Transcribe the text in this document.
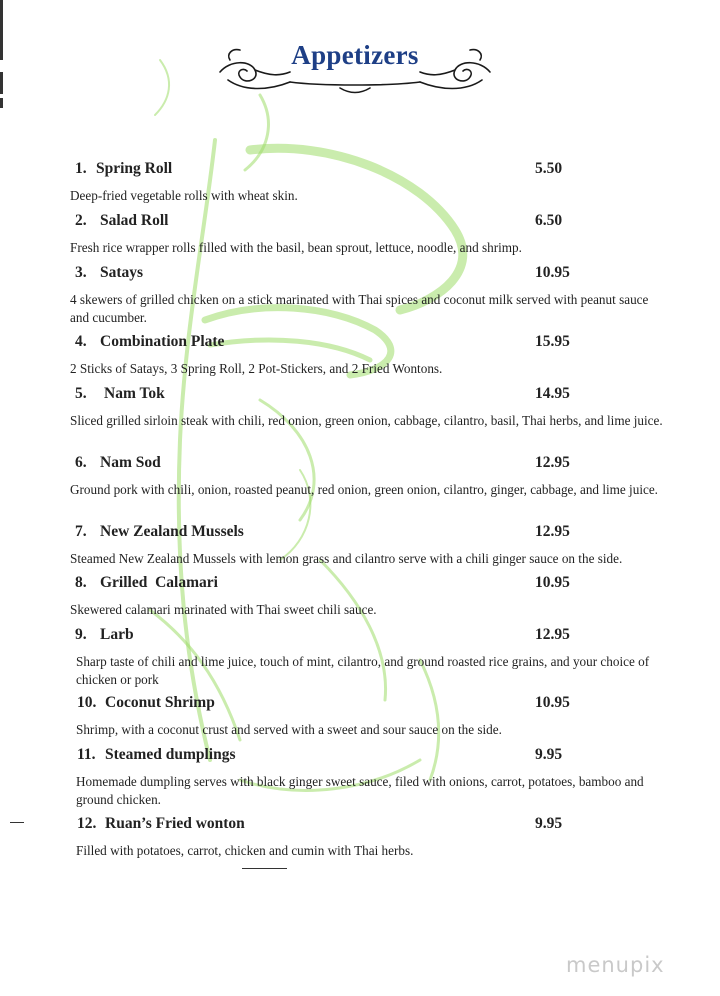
Appetizers
1. Spring Roll	5.50
Deep-fried vegetable rolls with wheat skin.
2. Salad Roll	6.50
Fresh rice wrapper rolls filled with the basil, bean sprout, lettuce, noodle, and shrimp.
3. Satays	10.95
4 skewers of grilled chicken on a stick marinated with Thai spices and coconut milk served with peanut sauce and cucumber.
4. Combination Plate	15.95
2 Sticks of Satays, 3 Spring Roll, 2 Pot-Stickers, and 2 Fried Wontons.
5. Nam Tok	14.95
Sliced grilled sirloin steak with chili, red onion, green onion, cabbage, cilantro, basil, Thai herbs, and lime juice.
6. Nam Sod	12.95
Ground pork with chili, onion, roasted peanut, red onion, green onion, cilantro, ginger, cabbage, and lime juice.
7. New Zealand Mussels	12.95
Steamed New Zealand Mussels with lemon grass and cilantro serve with a chili ginger sauce on the side.
8. Grilled  Calamari	10.95
Skewered calamari marinated with Thai sweet chili sauce.
9. Larb	12.95
Sharp taste of chili and lime juice, touch of mint, cilantro, and ground roasted rice grains, and your choice of chicken or pork
10. Coconut Shrimp	10.95
Shrimp, with a coconut crust and served with a sweet and sour sauce on the side.
11. Steamed dumplings	9.95
Homemade dumpling serves with black ginger sweet sauce, filed with onions, carrot, potatoes, bamboo and ground chicken.
12. Ruan’s Fried wonton	9.95
Filled with potatoes, carrot, chicken and cumin with Thai herbs.
menupix
